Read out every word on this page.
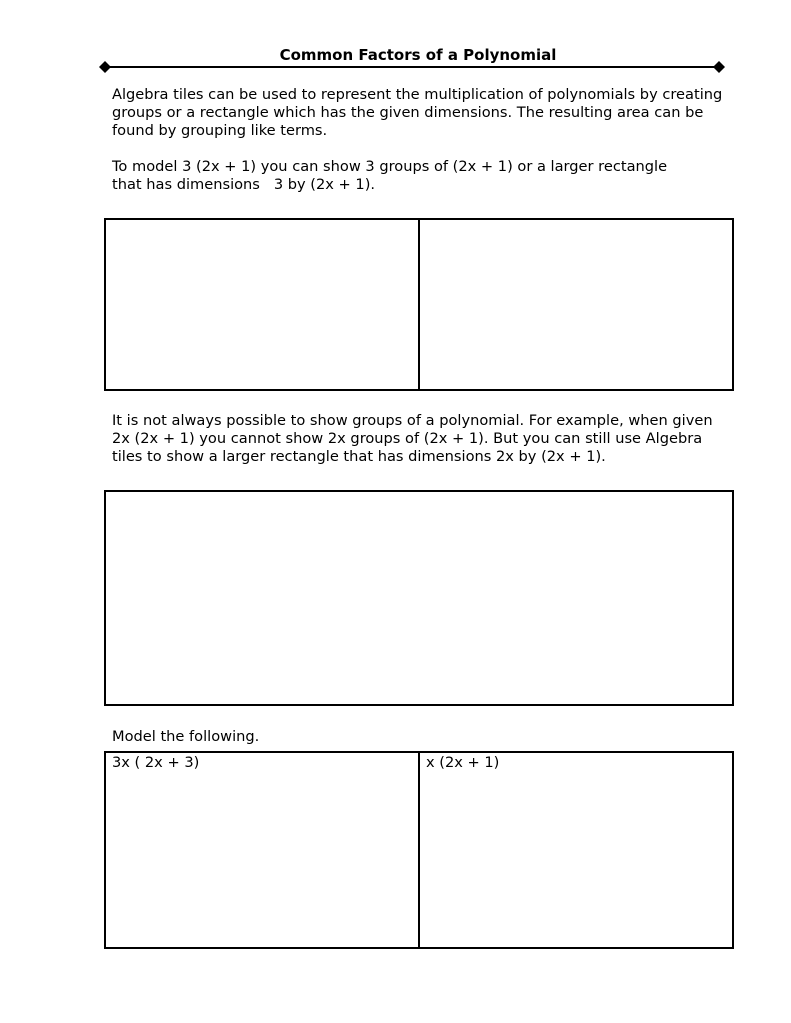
Common Factors of a Polynomial

Algebra tiles can be used to represent the multiplication of polynomials by creating groups or a rectangle which has the given dimensions. The resulting area can be found by grouping like terms.

To model 3 (2x + 1) you can show 3 groups of (2x + 1) or a larger rectangle
that has dimensions   3 by (2x + 1).

It is not always possible to show groups of a polynomial. For example, when given 2x (2x + 1) you cannot show 2x groups of (2x + 1). But you can still use Algebra tiles to show a larger rectangle that has dimensions 2x by (2x + 1).

Model the following.

3x ( 2x + 3)	x (2x + 1)
